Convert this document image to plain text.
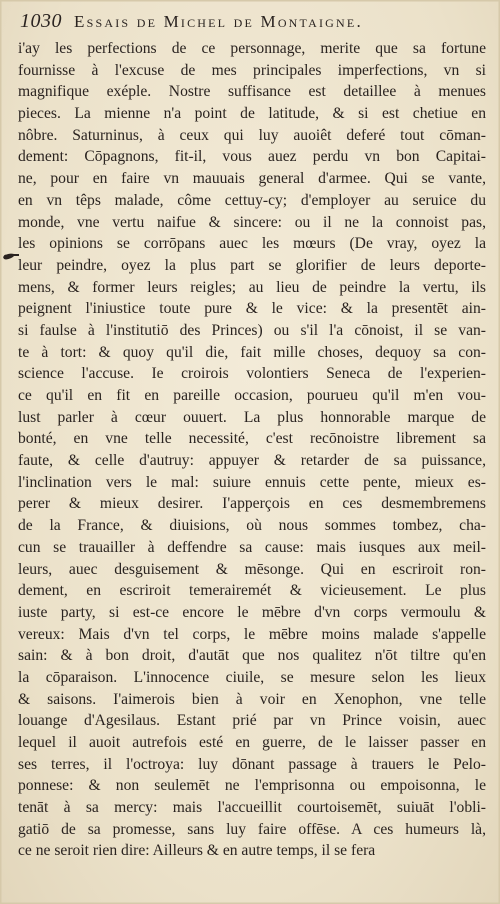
1030 Essais de Michel de Montaigne.
i'ay les perfections de ce personnage, merite que sa fortune
fournisse à l'excuse de mes principales imperfections, vn si
magnifique exéple. Nostre suffisance est detaillee à menues
pieces. La mienne n'a point de latitude, & si est chetiue en
nôbre. Saturninus, à ceux qui luy auoiêt deferé tout cōman-
dement: Cōpagnons, fit-il, vous auez perdu vn bon Capitai-
ne, pour en faire vn mauuais general d'armee. Qui se vante,
en vn têps malade, côme cettuy-cy; d'employer au seruice du
monde, vne vertu naifue & sincere: ou il ne la connoist pas,
les opinions se corrōpans auec les mœurs (De vray, oyez la
leur peindre, oyez la plus part se glorifier de leurs deporte-
mens, & former leurs reigles; au lieu de peindre la vertu, ils
peignent l'iniustice toute pure & le vice: & la presentēt ain-
si faulse à l'institutiō des Princes) ou s'il l'a cōnoist, il se van-
te à tort: & quoy qu'il die, fait mille choses, dequoy sa con-
science l'accuse. Ie croirois volontiers Seneca de l'experien-
ce qu'il en fit en pareille occasion, pourueu qu'il m'en vou-
lust parler à cœur ouuert. La plus honnorable marque de
bonté, en vne telle necessité, c'est recōnoistre librement sa
faute, & celle d'autruy: appuyer & retarder de sa puissance,
l'inclination vers le mal: suiure ennuis cette pente, mieux es-
perer & mieux desirer. I'apperçois en ces desmembremens
de la France, & diuisions, où nous sommes tombez, cha-
cun se trauailler à deffendre sa cause: mais iusques aux meil-
leurs, auec desguisement & mēsonge. Qui en escriroit ron-
dement, en escriroit temerairemét & vicieusement. Le plus
iuste party, si est-ce encore le mēbre d'vn corps vermoulu &
vereux: Mais d'vn tel corps, le mēbre moins malade s'appelle
sain: & à bon droit, d'autāt que nos qualitez n'ōt tiltre qu'en
la cōparaison. L'innocence ciuile, se mesure selon les lieux
& saisons. I'aimerois bien à voir en Xenophon, vne telle
louange d'Agesilaus. Estant prié par vn Prince voisin, auec
lequel il auoit autrefois esté en guerre, de le laisser passer en
ses terres, il l'octroya: luy dōnant passage à trauers le Pelo-
ponnese: & non seulemēt ne l'emprisonna ou empoisonna, le
tenāt à sa mercy: mais l'accueillit courtoisemēt, suiuāt l'obli-
gatiō de sa promesse, sans luy faire offēse. A ces humeurs là,
ce ne seroit rien dire: Ailleurs & en autre temps, il se fera
